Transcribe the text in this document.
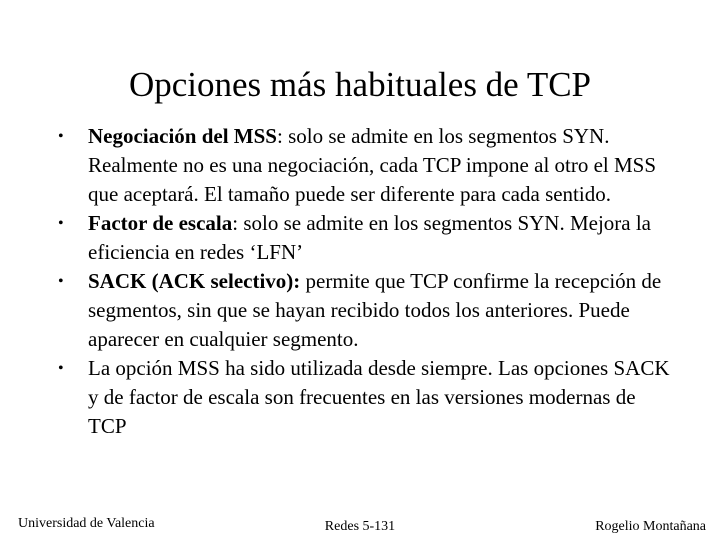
Opciones más habituales de TCP
•	Negociación del MSS: solo se admite en los segmentos SYN. Realmente no es una negociación, cada TCP impone al otro el MSS que aceptará. El tamaño puede ser diferente para cada sentido.
•	Factor de escala: solo se admite en los segmentos SYN. Mejora la eficiencia en redes ‘LFN’
•	SACK (ACK selectivo): permite que TCP confirme la recepción de segmentos, sin que se hayan recibido todos los anteriores. Puede aparecer en cualquier segmento.
•	La opción MSS ha sido utilizada desde siempre. Las opciones SACK y de factor de escala son frecuentes en las versiones modernas de TCP
Universidad de Valencia	Redes 5-131	Rogelio Montañana
